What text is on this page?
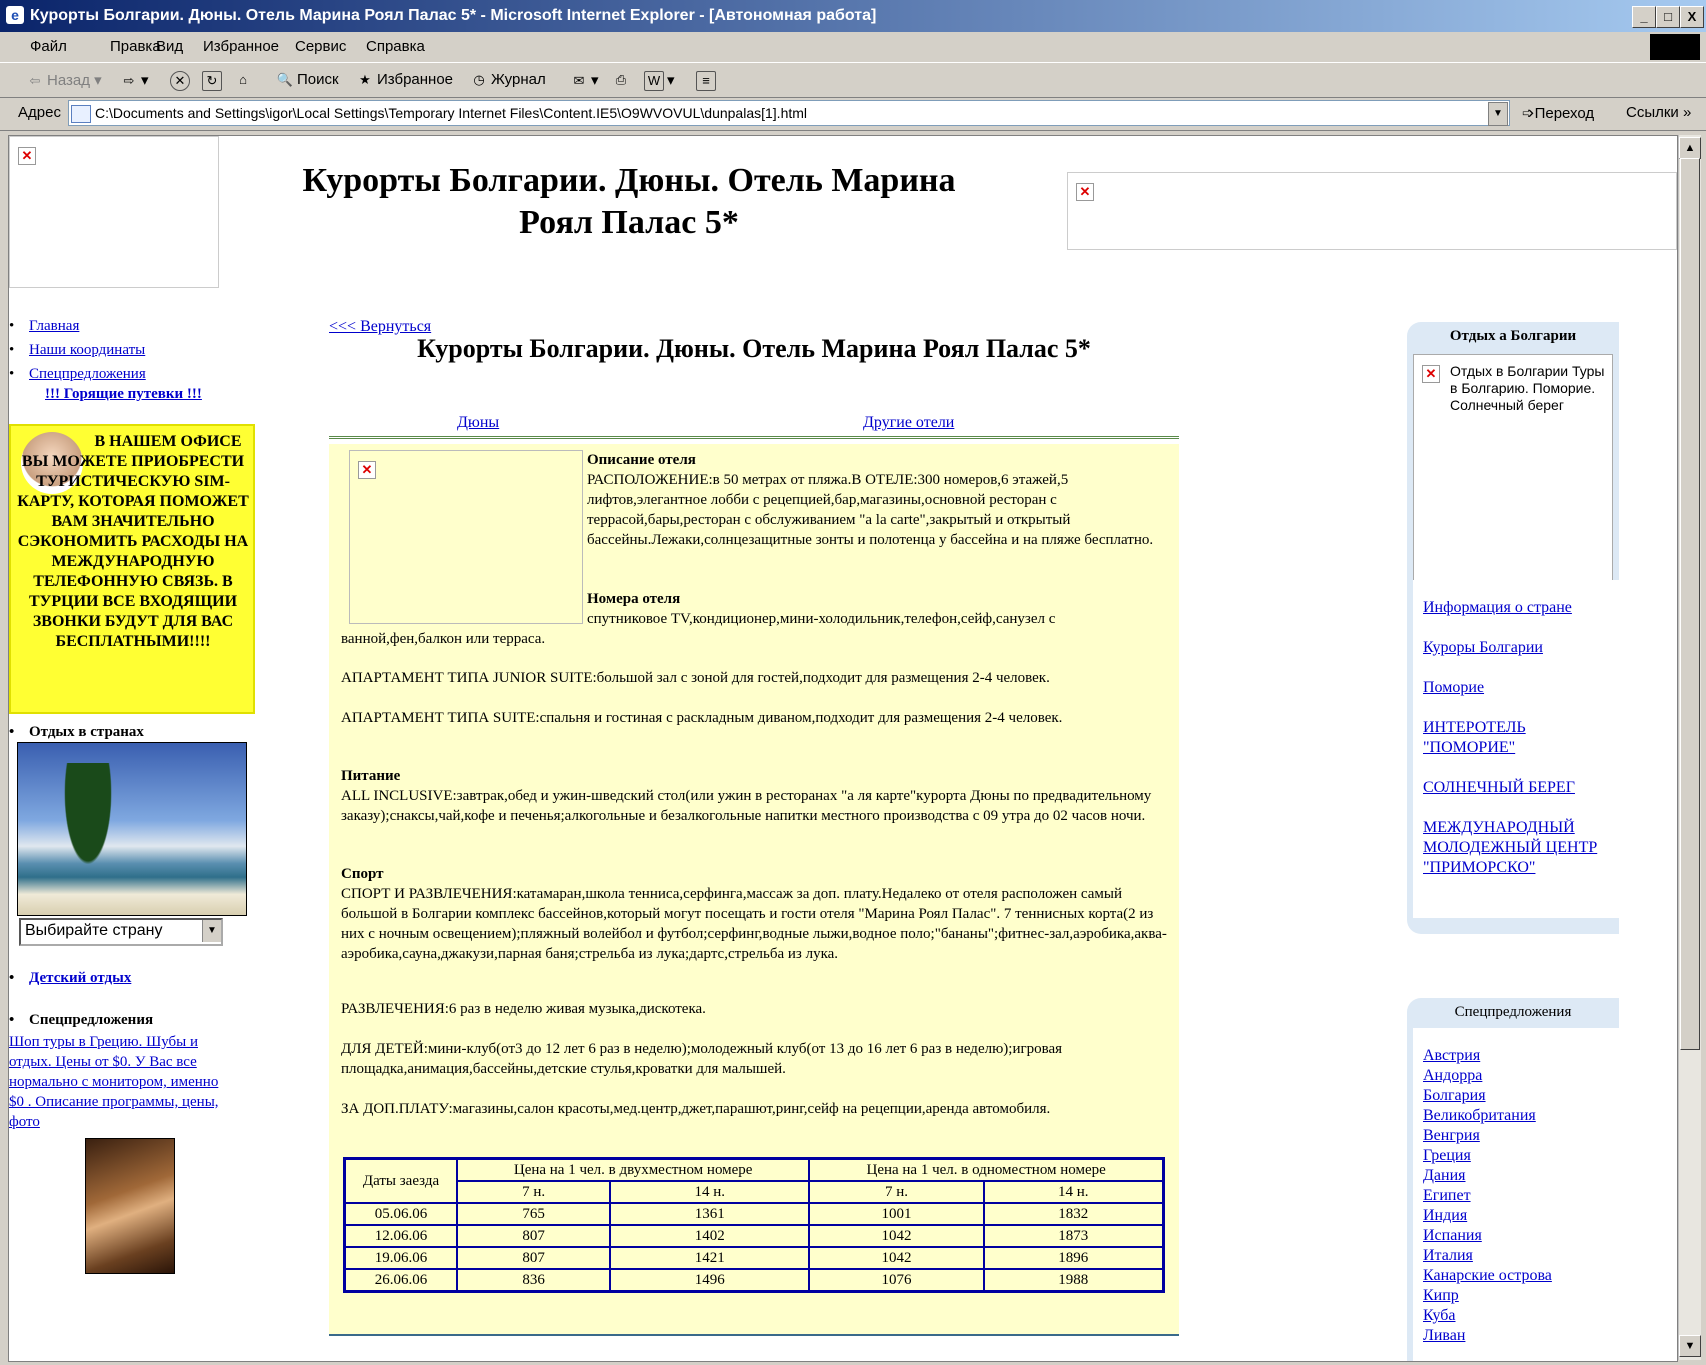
e Курорты Болгарии. Дюны. Отель Марина Роял Палас 5* - Microsoft Internet Explorer - [Автономная работа]	_	□	X
Файл	Правка
Вид Избранное Сервис Справка
⇦ Назад ▾ ⇨ ▾	✕	↻	⌂	🔍 Поиск ★ Избранное ◷ Журнал ✉ ▾ ⎙	W ▾	≡
Адрес	C:\Documents and Settings\igor\Local Settings\Temporary Internet Files\Content.IE5\O9WVOVUL\dunpalas[1].html	▼	➩Переход Ссылки »
✕
Курорты Болгарии. Дюны. Отель Марина Роял Палас 5*
✕
• Главная
• Наши координаты
• Спецпредложения
!!! Горящие путевки !!!
В НАШЕМ ОФИСЕ ВЫ МОЖЕТЕ ПРИОБРЕСТИ ТУРИСТИЧЕСКУЮ SIM-КАРТУ, КОТОРАЯ ПОМОЖЕТ ВАМ ЗНАЧИТЕЛЬНО СЭКОНОМИТЬ РАСХОДЫ НА МЕЖДУНАРОДНУЮ ТЕЛЕФОННУЮ СВЯЗЬ. В ТУРЦИИ ВСЕ ВХОДЯЩИИ ЗВОНКИ БУДУТ ДЛЯ ВАС БЕСПЛАТНЫМИ!!!!
• Отдых в странах
Выбирайте страну	▼
• Детский отдых
• Спецпредложения
Шоп туры в Грецию. Шубы и отдых. Цены от $0. У Вас все нормально с монитором, именно $0 . Описание программы, цены, фото
<<< Вернуться
Курорты Болгарии. Дюны. Отель Марина Роял Палас 5*
Дюны	Другие отели
✕
Описание отеля
РАСПОЛОЖЕНИЕ:в 50 метрах от пляжа.В ОТЕЛЕ:300 номеров,6 этажей,5 лифтов,элегантное лобби с рецепцией,бар,магазины,основной ресторан с террасой,бары,ресторан с обслуживанием "a la carte",закрытый и открытый бассейны.Лежаки,солнцезащитные зонты и полотенца у бассейна и на пляже бесплатно.
Номера отеля
спутниковое TV,кондиционер,мини-холодильник,телефон,сейф,санузел с ванной,фен,балкон или терраса.
АПАРТАМЕНТ ТИПА JUNIOR SUITE:большой зал с зоной для гостей,подходит для размещения 2-4 человек.
АПАРТАМЕНТ ТИПА SUITE:спальня и гостиная с раскладным диваном,подходит для размещения 2-4 человек.
Питание
ALL INCLUSIVE:завтрак,обед и ужин-шведский стол(или ужин в ресторанах "а ля карте"курорта Дюны по предвадительному заказу);снаксы,чай,кофе и печенья;алкогольные и безалкогольные напитки местного производства с 09 утра до 02 часов ночи.
Спорт
СПОРТ И РАЗВЛЕЧЕНИЯ:катамаран,школа тенниса,серфинга,массаж за доп. плату.Недалеко от отеля расположен самый большой в Болгарии комплекс бассейнов,который могут посещать и гости отеля "Марина Роял Палас". 7 теннисных корта(2 из них с ночным освещением);пляжный волейбол и футбол;серфинг,водные лыжи,водное поло;"бананы";фитнес-зал,аэробика,аква-аэробика,сауна,джакузи,парная баня;стрельба из лука;дартс,стрельба из лука.
РАЗВЛЕЧЕНИЯ:6 раз в неделю живая музыка,дискотека.
ДЛЯ ДЕТЕЙ:мини-клуб(от3 до 12 лет 6 раз в неделю);молодежный клуб(от 13 до 16 лет 6 раз в неделю);игровая площадка,анимация,бассейны,детские стулья,кроватки для малышей.
ЗА ДОП.ПЛАТУ:магазины,салон красоты,мед.центр,джет,парашют,ринг,сейф на рецепции,аренда автомобиля.
Даты заезда	Цена на 1 чел. в двухместном номере		Цена на 1 чел. в одноместном номере	
	7 н.	14 н.	7 н.	14 н.
05.06.06	765	1361	1001	1832
12.06.06	807	1402	1042	1873
19.06.06	807	1421	1042	1896
26.06.06	836	1496	1076	1988
Отдых а Болгарии
✕ Отдых в Болгарии Туры в Болгарию. Поморие. Солнечный берег
Информация о стране
Куроры Болгарии
Поморие
ИНТЕРОТЕЛЬ "ПОМОРИЕ"
СОЛНЕЧНЫЙ БЕРЕГ
МЕЖДУНАРОДНЫЙ МОЛОДЕЖНЫЙ ЦЕНТР "ПРИМОРСКО"
Спецпредложения
Австрия
Андорра
Болгария
Великобритания
Венгрия
Греция
Дания
Египет
Индия
Испания
Италия
Канарские острова
Кипр
Куба
Ливан
▲
▼
